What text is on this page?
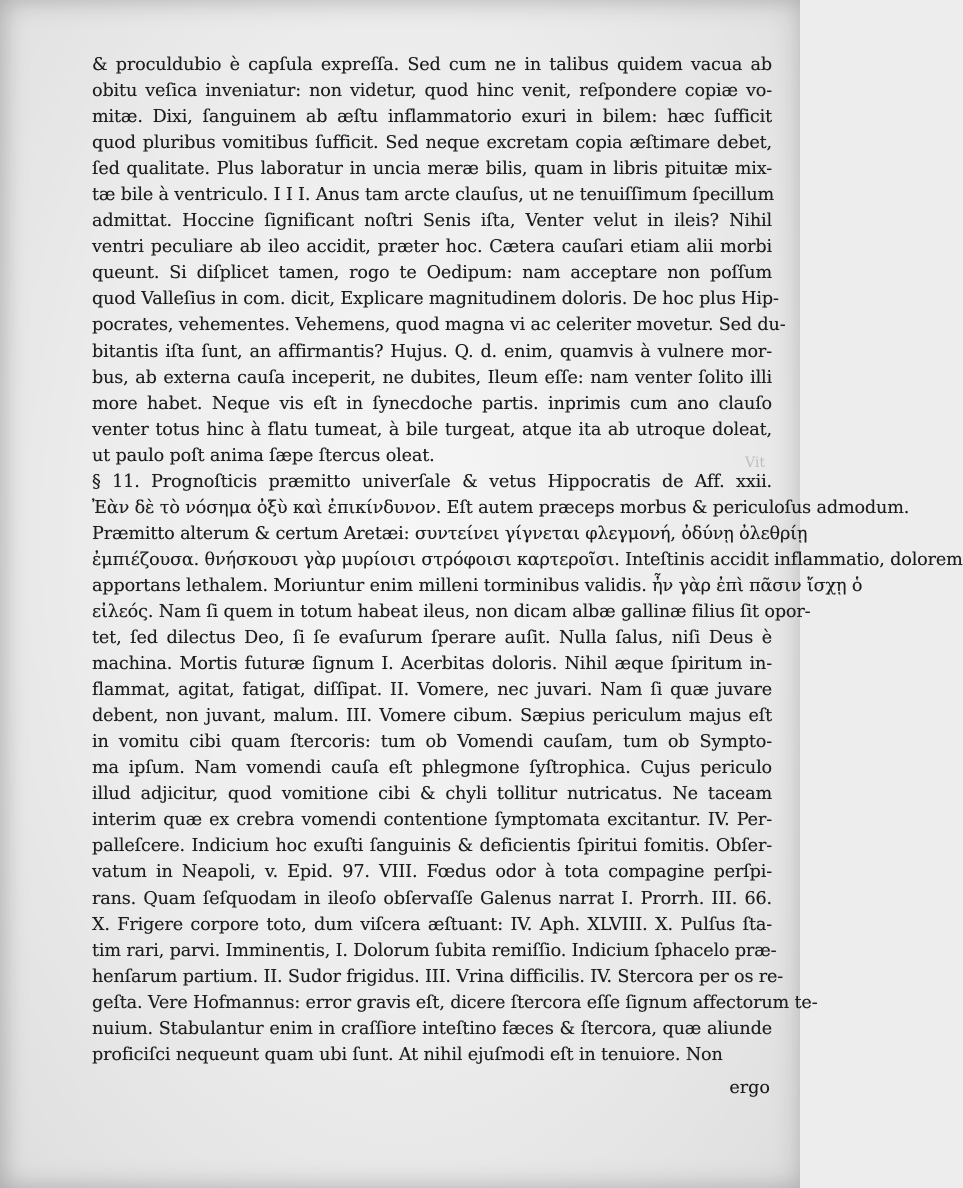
& proculdubio è capſula expreſſa. Sed cum ne in talibus quidem vacua ab
obitu veſica inveniatur: non videtur, quod hinc venit, reſpondere copiæ vo-
mitæ. Dixi, ſanguinem ab æſtu inflammatorio exuri in bilem: hæc ſufficit
quod pluribus vomitibus ſufficit. Sed neque excretam copia æſtimare debet,
ſed qualitate. Plus laboratur in uncia meræ bilis, quam in libris pituitæ mix-
tæ bile à ventriculo. I I I. Anus tam arcte clauſus, ut ne tenuiſſimum ſpecillum
admittat. Hoccine ſignificant noſtri Senis iſta, Venter velut in ileis? Nihil
ventri peculiare ab ileo accidit, præter hoc. Cætera cauſari etiam alii morbi
queunt. Si diſplicet tamen, rogo te Oedipum: nam acceptare non poſſum
quod Valleſius in com. dicit, Explicare magnitudinem doloris. De hoc plus Hip-
pocrates, vehementes. Vehemens, quod magna vi ac celeriter movetur. Sed du-
bitantis iſta ſunt, an affirmantis? Hujus. Q. d. enim, quamvis à vulnere mor-
bus, ab externa cauſa inceperit, ne dubites, Ileum eſſe: nam venter ſolito illi
more habet. Neque vis eſt in ſynecdoche partis. inprimis cum ano clauſo
venter totus hinc à flatu tumeat, à bile turgeat, atque ita ab utroque doleat,
ut paulo poſt anima ſæpe ſtercus oleat.
§ 11. Prognoſticis præmitto univerſale & vetus Hippocratis de Aff. xxii.
Ἐὰν δὲ τὸ νόσημα ὀξὺ καὶ ἐπικίνδυνον. Eſt autem præceps morbus & periculoſus admodum.
Præmitto alterum & certum Aretæi: συντείνει γίγνεται φλεγμονή, ὀδύνῃ ὀλεθρίῃ
ἐμπιέζουσα. θνήσκουσι γὰρ μυρίοισι στρόφοισι καρτεροῖσι. Inteſtinis accidit inflammatio, dolorem
apportans lethalem. Moriuntur enim milleni torminibus validis. ἦν γὰρ ἐπὶ πᾶσιν ἴσχῃ ὁ
εἰλεός. Nam ſi quem in totum habeat ileus, non dicam albæ gallinæ filius ſit opor-
tet, ſed dilectus Deo, ſi ſe evaſurum ſperare auſit. Nulla ſalus, niſi Deus è
machina. Mortis futuræ ſignum I. Acerbitas doloris. Nihil æque ſpiritum in-
flammat, agitat, fatigat, diſſipat. II. Vomere, nec juvari. Nam ſi quæ juvare
debent, non juvant, malum. III. Vomere cibum. Sæpius periculum majus eſt
in vomitu cibi quam ſtercoris: tum ob Vomendi cauſam, tum ob Sympto-
ma ipſum. Nam vomendi cauſa eſt phlegmone ſyſtrophica. Cujus periculo
illud adjicitur, quod vomitione cibi & chyli tollitur nutricatus. Ne taceam
interim quæ ex crebra vomendi contentione ſymptomata excitantur. IV. Per-
palleſcere. Indicium hoc exuſti ſanguinis & deficientis ſpiritui fomitis. Obſer-
vatum in Neapoli, v. Epid. 97. VIII. Fœdus odor à tota compagine perſpi-
rans. Quam ſeſquodam in ileoſo obſervaſſe Galenus narrat I. Prorrh. III. 66.
X. Frigere corpore toto, dum viſcera æſtuant: IV. Aph. XLVIII. X. Pulſus ſta-
tim rari, parvi. Imminentis, I. Dolorum ſubita remiſſio. Indicium ſphacelo præ-
henſarum partium. II. Sudor frigidus. III. Vrina difficilis. IV. Stercora per os re-
geſta. Vere Hofmannus: error gravis eſt, dicere ſtercora eſſe ſignum affectorum te-
nuium. Stabulantur enim in craſſiore inteſtino fæces & ſtercora, quæ aliunde
proficiſci nequeunt quam ubi ſunt. At nihil ejuſmodi eſt in tenuiore. Non
ergo
Vit
